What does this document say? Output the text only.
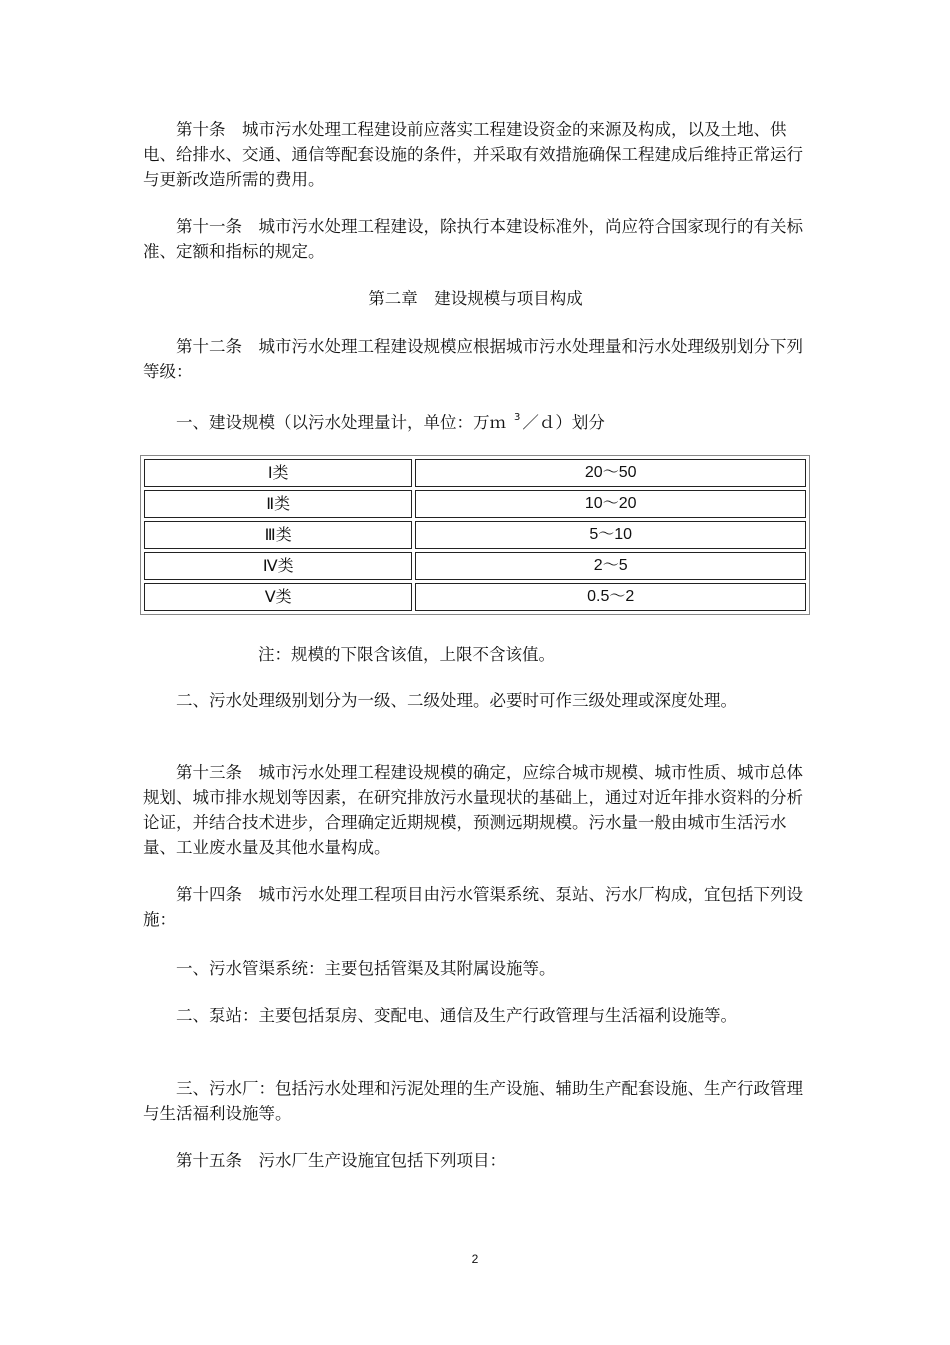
第十条　城市污水处理工程建设前应落实工程建设资金的来源及构成，以及土地、供电、给排水、交通、通信等配套设施的条件，并采取有效措施确保工程建成后维持正常运行与更新改造所需的费用。

第十一条　城市污水处理工程建设，除执行本建设标准外，尚应符合国家现行的有关标准、定额和指标的规定。

第二章　建设规模与项目构成

第十二条　城市污水处理工程建设规模应根据城市污水处理量和污水处理级别划分下列等级：

一、建设规模（以污水处理量计，单位：万ｍ $^3$ ／ｄ）划分

Ⅰ类	20～50
Ⅱ类	10～20
Ⅲ类	5～10
Ⅳ类	2～5
Ⅴ类	0.5～2

注：规模的下限含该值，上限不含该值。

二、污水处理级别划分为一级、二级处理。必要时可作三级处理或深度处理。

第十三条　城市污水处理工程建设规模的确定，应综合城市规模、城市性质、城市总体规划、城市排水规划等因素，在研究排放污水量现状的基础上，通过对近年排水资料的分析论证，并结合技术进步，合理确定近期规模，预测远期规模。污水量一般由城市生活污水量、工业废水量及其他水量构成。

第十四条　城市污水处理工程项目由污水管渠系统、泵站、污水厂构成，宜包括下列设施：

一、污水管渠系统：主要包括管渠及其附属设施等。

二、泵站：主要包括泵房、变配电、通信及生产行政管理与生活福利设施等。

三、污水厂：包括污水处理和污泥处理的生产设施、辅助生产配套设施、生产行政管理与生活福利设施等。

第十五条　污水厂生产设施宜包括下列项目：

2
